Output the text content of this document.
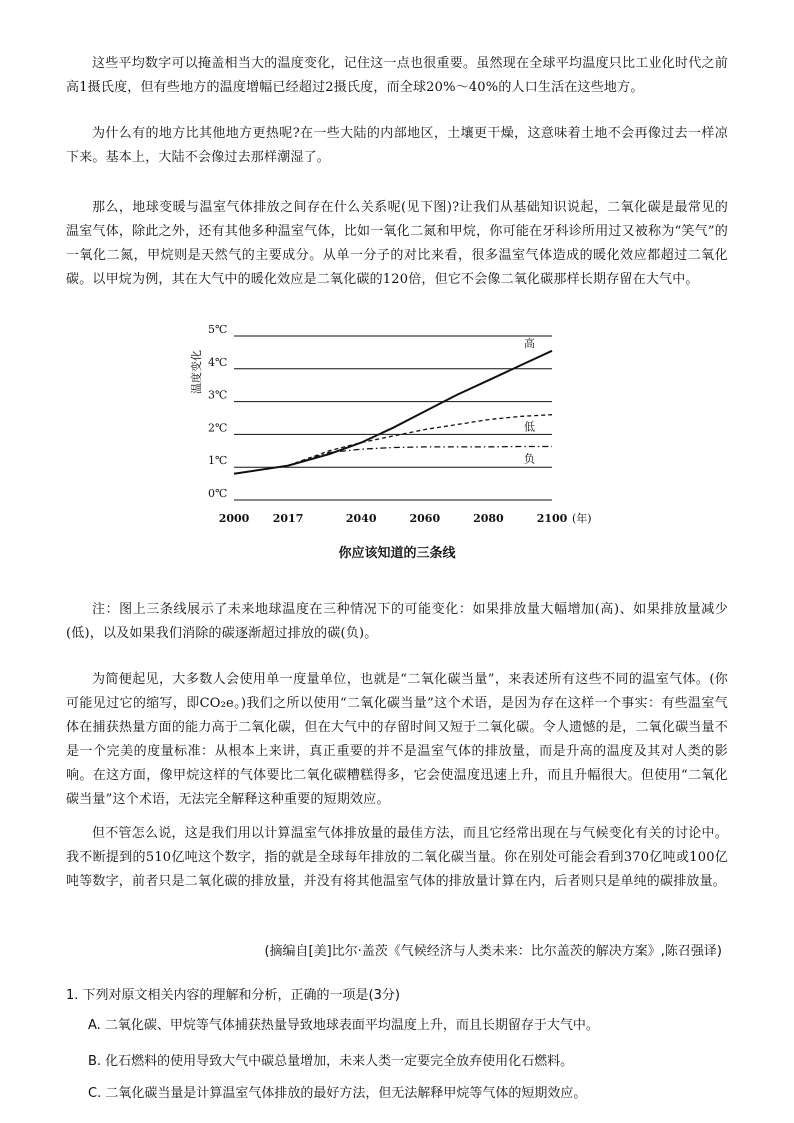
这些平均数字可以掩盖相当大的温度变化，记住这一点也很重要。虽然现在全球平均温度只比工业化时代之前高1摄氏度，但有些地方的温度增幅已经超过2摄氏度，而全球20%～40%的人口生活在这些地方。
为什么有的地方比其他地方更热呢?在一些大陆的内部地区，土壤更干燥，这意味着土地不会再像过去一样凉下来。基本上，大陆不会像过去那样潮湿了。
那么，地球变暖与温室气体排放之间存在什么关系呢(见下图)?让我们从基础知识说起，二氧化碳是最常见的温室气体，除此之外，还有其他多种温室气体，比如一氧化二氮和甲烷，你可能在牙科诊所用过又被称为“笑气”的一氧化二氮，甲烷则是天然气的主要成分。从单一分子的对比来看，很多温室气体造成的暖化效应都超过二氧化碳。以甲烷为例，其在大气中的暖化效应是二氧化碳的120倍，但它不会像二氧化碳那样长期存留在大气中。
0℃
1℃
2℃
3℃
4℃
5℃
温度变化
2000 2017	2040	2060	2080	2100 (年)
高
低
负
你应该知道的三条线
注：图上三条线展示了未来地球温度在三种情况下的可能变化：如果排放量大幅增加(高)、如果排放量减少(低)，以及如果我们消除的碳逐渐超过排放的碳(负)。
为简便起见，大多数人会使用单一度量单位，也就是“二氧化碳当量”，来表述所有这些不同的温室气体。(你可能见过它的缩写，即CO₂e。)我们之所以使用“二氧化碳当量”这个术语，是因为存在这样一个事实：有些温室气体在捕获热量方面的能力高于二氧化碳，但在大气中的存留时间又短于二氧化碳。令人遗憾的是，二氧化碳当量不是一个完美的度量标准：从根本上来讲，真正重要的并不是温室气体的排放量，而是升高的温度及其对人类的影响。在这方面，像甲烷这样的气体要比二氧化碳糟糕得多，它会使温度迅速上升，而且升幅很大。但使用“二氧化碳当量”这个术语，无法完全解释这种重要的短期效应。
但不管怎么说，这是我们用以计算温室气体排放量的最佳方法，而且它经常出现在与气候变化有关的讨论中。我不断提到的510亿吨这个数字，指的就是全球每年排放的二氧化碳当量。你在别处可能会看到370亿吨或100亿吨等数字，前者只是二氧化碳的排放量，并没有将其他温室气体的排放量计算在内，后者则只是单纯的碳排放量。
(摘编自[美]比尔·盖茨《气候经济与人类未来：比尔盖茨的解决方案》,陈召强译)
1. 下列对原文相关内容的理解和分析，正确的一项是(3分)
A. 二氧化碳、甲烷等气体捕获热量导致地球表面平均温度上升，而且长期留存于大气中。
B. 化石燃料的使用导致大气中碳总量增加，未来人类一定要完全放弃使用化石燃料。
C. 二氧化碳当量是计算温室气体排放的最好方法，但无法解释甲烷等气体的短期效应。
